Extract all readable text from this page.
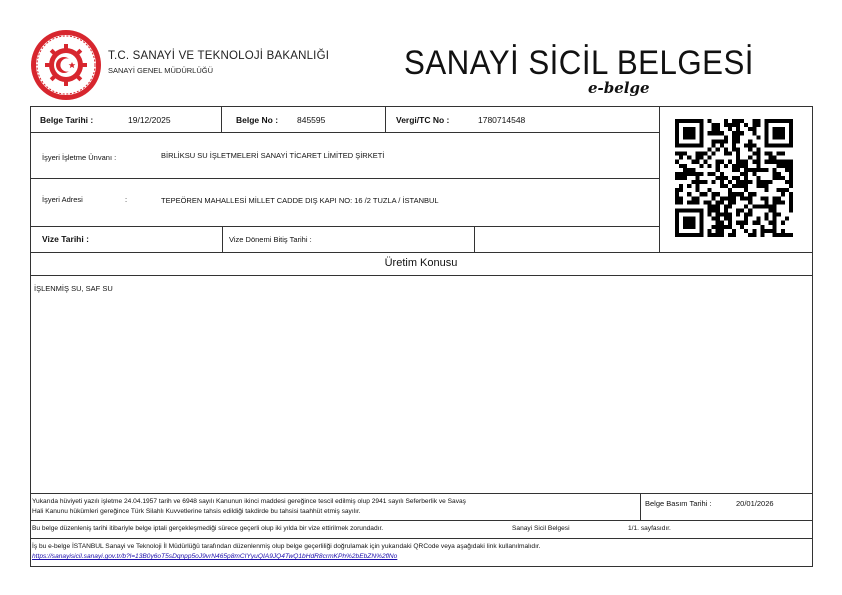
T.C. SANAYİ VE TEKNOLOJİ BAKANLIĞI
SANAYİ GENEL MÜDÜRLÜĞÜ	SANAYİ SİCİL BELGESİ
e-belge
Belge Tarihi :	19/12/2025	Belge No : 845595	Vergi/TC No :	1780714548
İşyeri İşletme Ünvanı :	BİRLİKSU SU İŞLETMELERİ SANAYİ TİCARET LİMİTED ŞİRKETİ
İşyeri Adresi	:	TEPEÖREN MAHALLESİ MİLLET CADDE DIŞ KAPI NO: 16 /2 TUZLA / İSTANBUL
Vize Tarihi :	Vize Dönemi Bitiş Tarihi :
Üretim Konusu
İŞLENMİŞ SU, SAF SU
Yukarıda hüviyeti yazılı işletme 24.04.1957 tarih ve 6948 sayılı Kanunun ikinci maddesi gereğince tescil edilmiş olup 2941 sayılı Seferberlik ve Savaş
Hali Kanunu hükümleri gereğince Türk Silahlı Kuvvetlerine tahsis edildiği takdirde bu tahsisi taahhüt etmiş sayılır.
Belge Basım Tarihi :	20/01/2026
Bu belge düzenleniş tarihi itibariyle belge iptali gerçekleşmediği sürece geçerli olup iki yılda bir vize ettirilmek zorundadır.	Sanayi Sicil Belgesi	1/1. sayfasıdır.
İş bu e-belge İSTANBUL Sanayi ve Teknoloji İl Müdürlüğü tarafından düzenlenmiş olup belge geçerliliği doğrulamak için yukarıdaki QRCode veya aşağıdaki link kullanılmalıdır.
https://sanayisicil.sanayi.gov.tr/b?l=13B0y6oT5sDqnpp5oJ9vrN465p8mCIYyuQIA9JQ4TwQ1bHdR8crmKPh%2bEbZN%2flNo
